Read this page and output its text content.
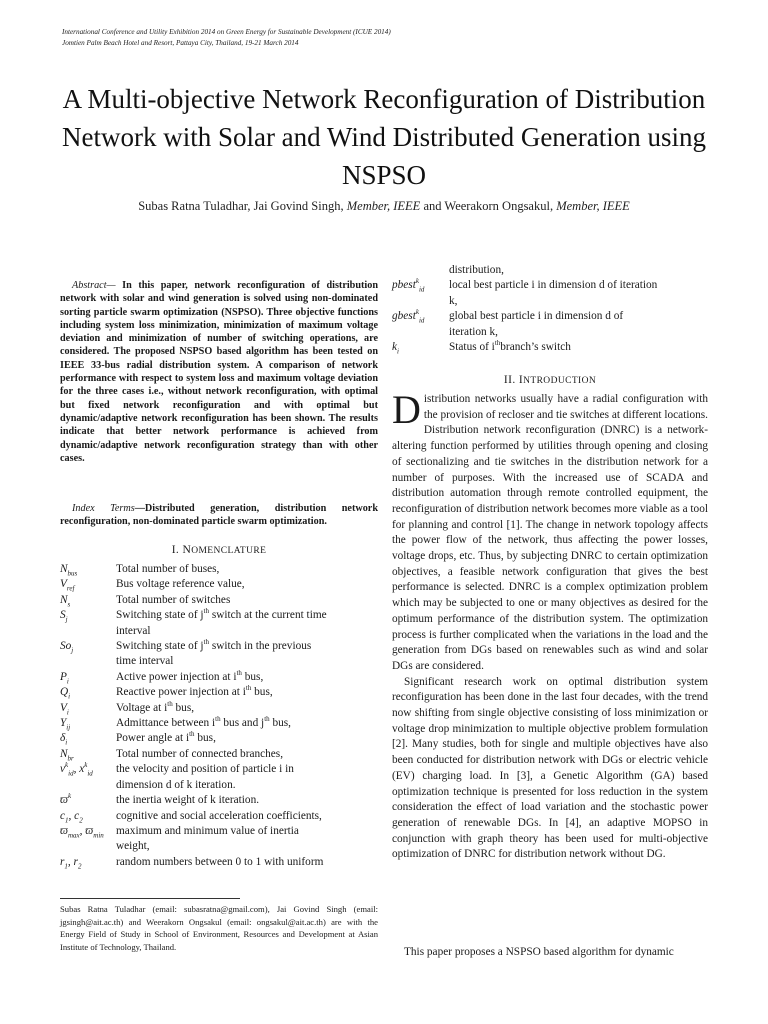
International Conference and Utility Exhibition 2014 on Green Energy for Sustainable Development (ICUE 2014)
Jomtien Palm Beach Hotel and Resort, Pattaya City, Thailand, 19-21 March 2014
A Multi-objective Network Reconfiguration of Distribution Network with Solar and Wind Distributed Generation using NSPSO
Subas Ratna Tuladhar, Jai Govind Singh, Member, IEEE and Weerakorn Ongsakul, Member, IEEE
Abstract— In this paper, network reconfiguration of distribution network with solar and wind generation is solved using non-dominated sorting particle swarm optimization (NSPSO). Three objective functions including system loss minimization, minimization of maximum voltage deviation and minimization of number of switching operations, are considered. The proposed NSPSO based algorithm has been tested on IEEE 33-bus radial distribution system. A comparison of network performance with respect to system loss and maximum voltage deviation for the three cases i.e., without network reconfiguration, with optimal but fixed network reconfiguration and with optimal but dynamic/adaptive network reconfiguration has been shown. The results indicate that better network performance is achieved from dynamic/adaptive network reconfiguration strategy than with other cases.
Index Terms—Distributed generation, distribution network reconfiguration, non-dominated particle swarm optimization.
I. NOMENCLATURE
$N_{bus}$	Total number of buses,
$V_{ref}$	Bus voltage reference value,
$N_s$	Total number of switches
$S_j$	Switching state of $j^{th}$ switch at the current time
interval
$So_j$	Switching state of $j^{th}$ switch in the previous
time interval
$P_i$	Active power injection at $i^{th}$ bus,
$Q_i$	Reactive power injection at $i^{th}$ bus,
$V_i$	Voltage at $i^{th}$ bus,
$Y_{ij}$	Admittance between $i^{th}$ bus and $j^{th}$ bus,
$\delta_i$	Power angle at $i^{th}$ bus,
$N_{br}$	Total number of connected branches,
$v^k_{id}$, $x^k_{id}$	the velocity and position of particle i in
dimension d of k iteration.
$ϖ^k$	the inertia weight of k iteration.
$c_1$, $c_2$	cognitive and social acceleration coefficients,
$ϖ_{max}$, $ϖ_{min}$	maximum and minimum value of inertia
weight,
$r_1$, $r_2$	random numbers between 0 to 1 with uniform
Subas Ratna Tuladhar (email: subasratna@gmail.com), Jai Govind Singh (email: jgsingh@ait.ac.th) and Weerakorn Ongsakul (email: ongsakul@ait.ac.th) are with the Energy Field of Study in School of Environment, Resources and Development at Asian Institute of Technology, Thailand.
distribution,
pbest$^k_{id}$	local best particle i in dimension d of iteration
k,
gbest$^k_{id}$	global best particle i in dimension d of
iteration k,
$k_i$	Status of $i^{th}branch’s$ switch
II. INTRODUCTION

Distribution networks usually have a radial configuration with the provision of recloser and tie switches at different locations. Distribution network reconfiguration (DNRC) is a network-altering function performed by utilities through opening and closing of sectionalizing and tie switches in the distribution network for a number of purposes. With the increased use of SCADA and distribution automation through remote controlled equipment, the reconfiguration of distribution network becomes more viable as a tool for planning and control [1]. The change in network topology affects the power flow of the network, thus affecting the power losses, voltage drops, etc. Thus, by subjecting DNRC to certain optimization objectives, a feasible network configuration that gives the best performance is selected. DNRC is a complex optimization problem which may be subjected to one or many objectives as desired for the optimum performance of the distribution system. The optimization process is further complicated when the variations in the load and the generation from DGs based on renewables such as wind and solar DGs are considered.

Significant research work on optimal distribution system reconfiguration has been done in the last four decades, with the trend now shifting from single objective consisting of loss minimization or voltage drop minimization to multiple objective problem formulation [2]. Many studies, both for single and multiple objectives have also been conducted for distribution network with DGs or electric vehicle (EV) charging load. In [3], a Genetic Algorithm (GA) based optimization technique is presented for loss reduction in the system consideration the effect of load variation and the stochastic power generation of renewable DGs. In [4], an adaptive MOPSO in conjunction with graph theory has been used for multi-objective optimization of DNRC for distribution network without DG.

This paper proposes a NSPSO based algorithm for dynamic
